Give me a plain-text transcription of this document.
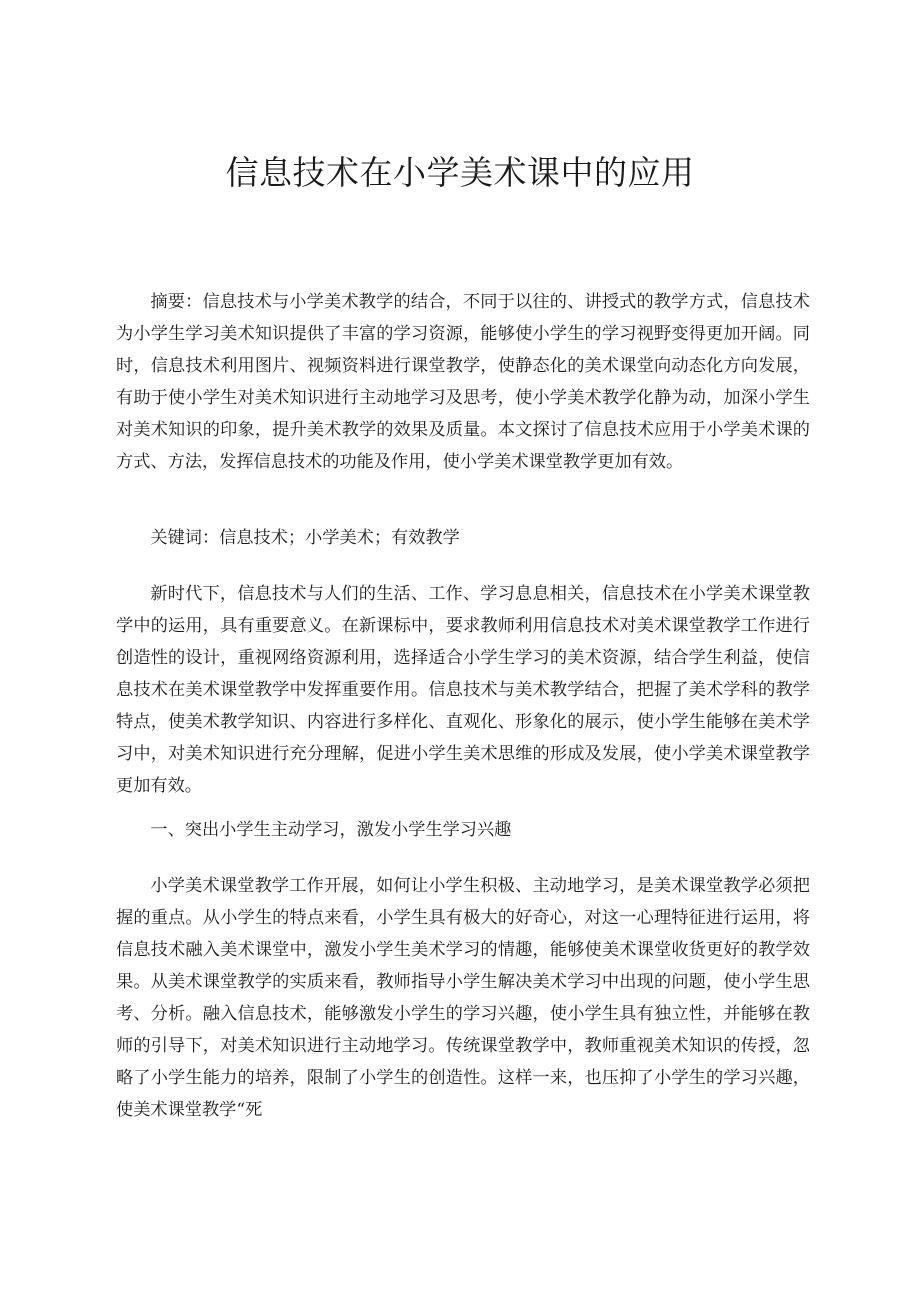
信息技术在小学美术课中的应用

摘要：信息技术与小学美术教学的结合，不同于以往的、讲授式的教学方式，信息技术为小学生学习美术知识提供了丰富的学习资源，能够使小学生的学习视野变得更加开阔。同时，信息技术利用图片、视频资料进行课堂教学，使静态化的美术课堂向动态化方向发展，有助于使小学生对美术知识进行主动地学习及思考，使小学美术教学化静为动，加深小学生对美术知识的印象，提升美术教学的效果及质量。本文探讨了信息技术应用于小学美术课的方式、方法，发挥信息技术的功能及作用，使小学美术课堂教学更加有效。

关键词：信息技术；小学美术；有效教学

新时代下，信息技术与人们的生活、工作、学习息息相关，信息技术在小学美术课堂教学中的运用，具有重要意义。在新课标中，要求教师利用信息技术对美术课堂教学工作进行创造性的设计，重视网络资源利用，选择适合小学生学习的美术资源，结合学生利益，使信息技术在美术课堂教学中发挥重要作用。信息技术与美术教学结合，把握了美术学科的教学特点，使美术教学知识、内容进行多样化、直观化、形象化的展示，使小学生能够在美术学习中，对美术知识进行充分理解，促进小学生美术思维的形成及发展，使小学美术课堂教学更加有效。

一、突出小学生主动学习，激发小学生学习兴趣

小学美术课堂教学工作开展，如何让小学生积极、主动地学习，是美术课堂教学必须把握的重点。从小学生的特点来看，小学生具有极大的好奇心，对这一心理特征进行运用，将信息技术融入美术课堂中，激发小学生美术学习的情趣，能够使美术课堂收货更好的教学效果。从美术课堂教学的实质来看，教师指导小学生解决美术学习中出现的问题，使小学生思考、分析。融入信息技术，能够激发小学生的学习兴趣，使小学生具有独立性，并能够在教师的引导下，对美术知识进行主动地学习。传统课堂教学中，教师重视美术知识的传授，忽略了小学生能力的培养，限制了小学生的创造性。这样一来，也压抑了小学生的学习兴趣，使美术课堂教学“死
